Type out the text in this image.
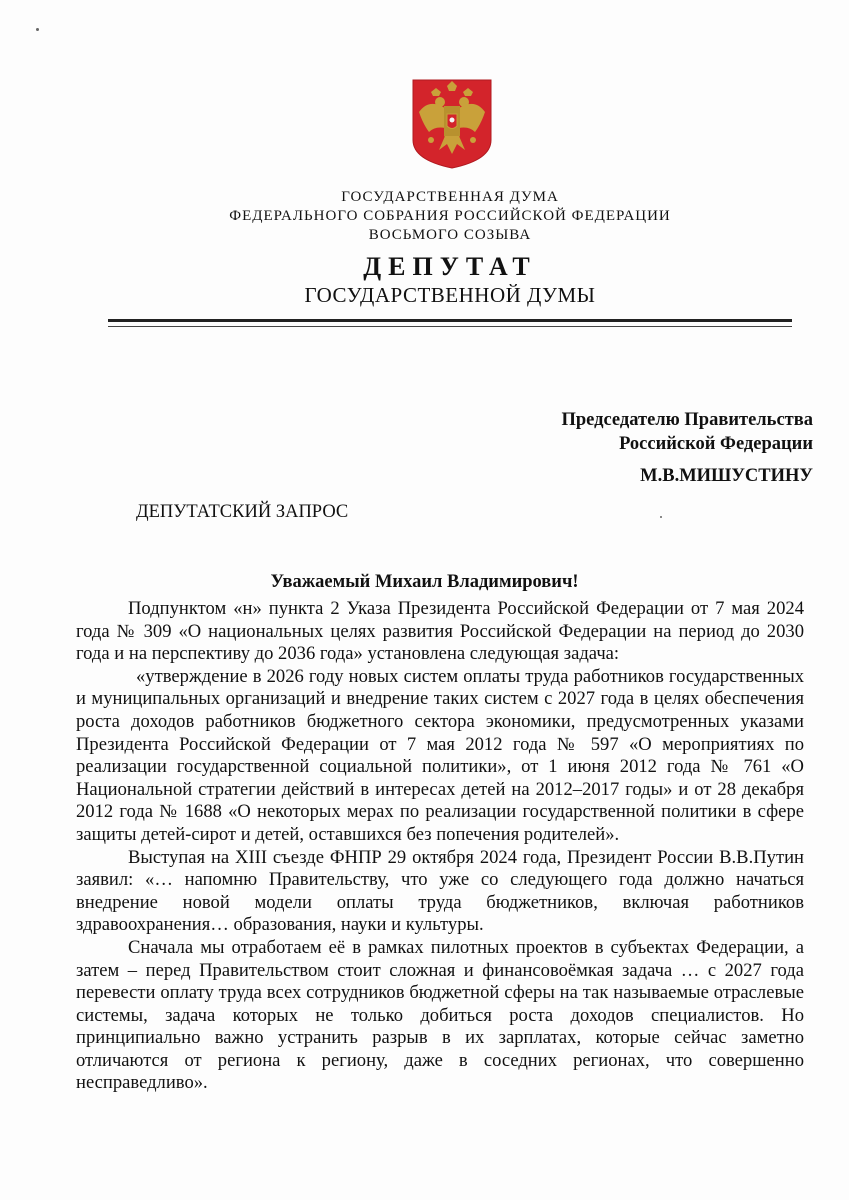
ГОСУДАРСТВЕННАЯ ДУМА
ФЕДЕРАЛЬНОГО СОБРАНИЯ РОССИЙСКОЙ ФЕДЕРАЦИИ
ВОСЬМОГО СОЗЫВА
ДЕПУТАТ
ГОСУДАРСТВЕННОЙ ДУМЫ
Председателю Правительства
Российской Федерации
М.В.МИШУСТИНУ
ДЕПУТАТСКИЙ ЗАПРОС
Уважаемый Михаил Владимирович!

Подпунктом «н» пункта 2 Указа Президента Российской Федерации от 7 мая 2024 года № 309 «О национальных целях развития Российской Федерации на период до 2030 года и на перспективу до 2036 года» установлена следующая задача:

«утверждение в 2026 году новых систем оплаты труда работников государственных и муниципальных организаций и внедрение таких систем с 2027 года в целях обеспечения роста доходов работников бюджетного сектора экономики, предусмотренных указами Президента Российской Федерации от 7 мая 2012 года № 597 «О мероприятиях по реализации государственной социальной политики», от 1 июня 2012 года № 761 «О Национальной стратегии действий в интересах детей на 2012–2017 годы» и от 28 декабря 2012 года № 1688 «О некоторых мерах по реализации государственной политики в сфере защиты детей-сирот и детей, оставшихся без попечения родителей».

Выступая на XIII съезде ФНПР 29 октября 2024 года, Президент России В.В.Путин заявил: «… напомню Правительству, что уже со следующего года должно начаться внедрение новой модели оплаты труда бюджетников, включая работников здравоохранения… образования, науки и культуры.

Сначала мы отработаем её в рамках пилотных проектов в субъектах Федерации, а затем – перед Правительством стоит сложная и финансовоёмкая задача … с 2027 года перевести оплату труда всех сотрудников бюджетной сферы на так называемые отраслевые системы, задача которых не только добиться роста доходов специалистов. Но принципиально важно устранить разрыв в их зарплатах, которые сейчас заметно отличаются от региона к региону, даже в соседних регионах, что совершенно несправедливо».
